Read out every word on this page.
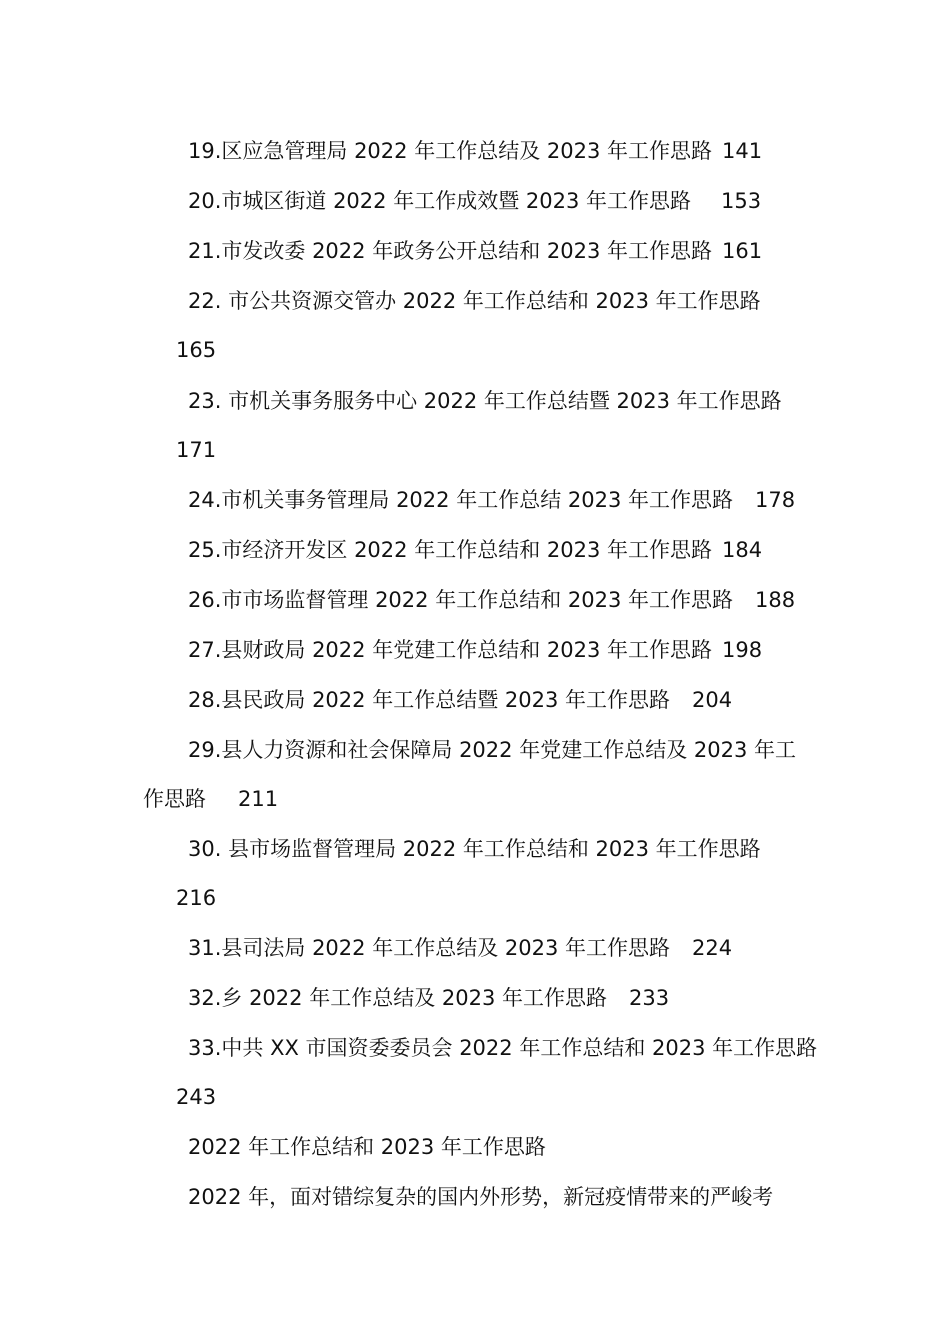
19.区应急管理局 2022 年工作总结及 2023 年工作思路 141
20.市城区街道 2022 年工作成效暨 2023 年工作思路 153
21.市发改委 2022 年政务公开总结和 2023 年工作思路 161
22. 市公共资源交管办 2022 年工作总结和 2023 年工作思路
165
23. 市机关事务服务中心 2022 年工作总结暨 2023 年工作思路
171
24.市机关事务管理局 2022 年工作总结 2023 年工作思路 178
25.市经济开发区 2022 年工作总结和 2023 年工作思路 184
26.市市场监督管理 2022 年工作总结和 2023 年工作思路 188
27.县财政局 2022 年党建工作总结和 2023 年工作思路 198
28.县民政局 2022 年工作总结暨 2023 年工作思路 204
29.县人力资源和社会保障局 2022 年党建工作总结及 2023 年工
作思路 211
30. 县市场监督管理局 2022 年工作总结和 2023 年工作思路
216
31.县司法局 2022 年工作总结及 2023 年工作思路 224
32.乡 2022 年工作总结及 2023 年工作思路 233
33.中共 XX 市国资委委员会 2022 年工作总结和 2023 年工作思路
243
2022 年工作总结和 2023 年工作思路
2022 年，面对错综复杂的国内外形势，新冠疫情带来的严峻考
